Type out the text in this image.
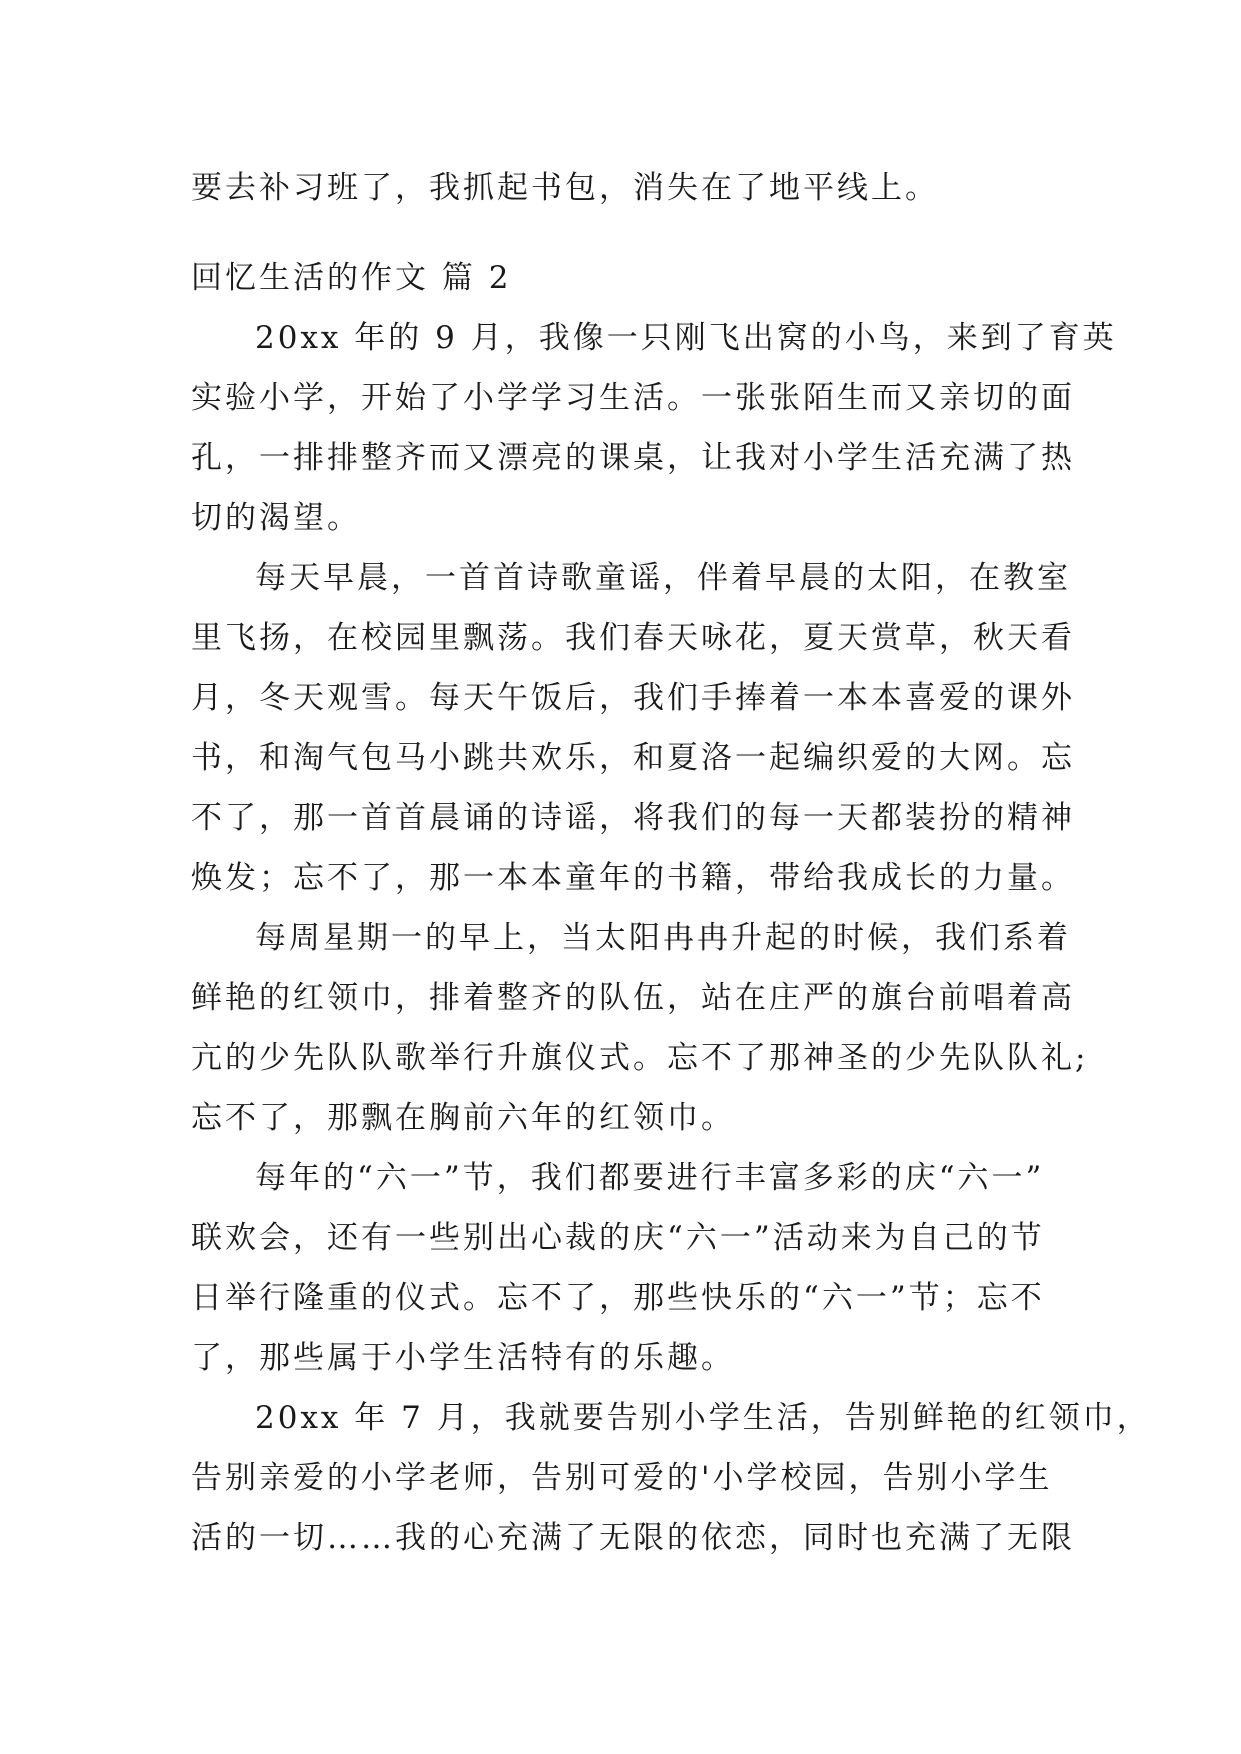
要去补习班了，我抓起书包，消失在了地平线上。
回忆生活的作文 篇 2
20xx 年的 9 月，我像一只刚飞出窝的小鸟，来到了育英
实验小学，开始了小学学习生活。一张张陌生而又亲切的面
孔，一排排整齐而又漂亮的课桌，让我对小学生活充满了热
切的渴望。
每天早晨，一首首诗歌童谣，伴着早晨的太阳，在教室
里飞扬，在校园里飘荡。我们春天咏花，夏天赏草，秋天看
月，冬天观雪。每天午饭后，我们手捧着一本本喜爱的课外
书，和淘气包马小跳共欢乐，和夏洛一起编织爱的大网。忘
不了，那一首首晨诵的诗谣，将我们的每一天都装扮的精神
焕发；忘不了，那一本本童年的书籍，带给我成长的力量。
每周星期一的早上，当太阳冉冉升起的时候，我们系着
鲜艳的红领巾，排着整齐的队伍，站在庄严的旗台前唱着高
亢的少先队队歌举行升旗仪式。忘不了那神圣的少先队队礼;
忘不了，那飘在胸前六年的红领巾。
每年的“六一”节，我们都要进行丰富多彩的庆“六一”
联欢会，还有一些别出心裁的庆“六一”活动来为自己的节
日举行隆重的仪式。忘不了，那些快乐的“六一”节；忘不
了，那些属于小学生活特有的乐趣。
20xx 年 7 月，我就要告别小学生活，告别鲜艳的红领巾，
告别亲爱的小学老师，告别可爱的'小学校园，告别小学生
活的一切……我的心充满了无限的依恋，同时也充满了无限
